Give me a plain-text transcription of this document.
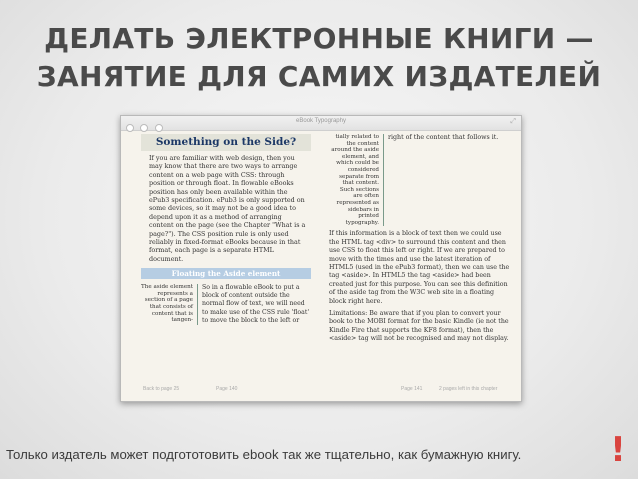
ДЕЛАТЬ ЭЛЕКТРОННЫЕ КНИГИ —
ЗАНЯТИЕ ДЛЯ САМИХ ИЗДАТЕЛЕЙ

eBook Typography	⤢
Something on the Side?
If you are familiar with web design, then you may know that there are two ways to arrange content on a web page with CSS: through position or through float. In flowable eBooks position has only been available within the ePub3 specification. ePub3 is only supported on some devices, so it may not be a good idea to depend upon it as a method of arranging content on the page (see the Chapter "What is a page?"). The CSS position rule is only used reliably in fixed-format eBooks because in that format, each page is a separate HTML document.
Floating the Aside element
The aside element represents a section of a page that consists of content that is tangen-
So in a flowable eBook to put a block of content outside the normal flow of text, we will need to make use of the CSS rule 'float' to move the block to the left or
tially related to the content around the aside element, and which could be considered separate from that content. Such sections are often represented as sidebars in printed typography.
right of the content that follows it.
If this information is a block of text then we could use the HTML tag <div> to surround this content and then use CSS to float this left or right. If we are prepared to move with the times and use the latest iteration of HTML5 (used in the ePub3 format), then we can use the tag <aside>. In HTML5 the tag <aside> had been created just for this purpose. You can see this definition of the aside tag from the W3C web site in a floating block right here.
Limitations: Be aware that if you plan to convert your book to the MOBI format for the basic Kindle (ie not the Kindle Fire that supports the KF8 format), then the <aside> tag will not be recognised and may not display.
Back to page 25	Page 140	Page 141	2 pages left in this chapter
Только издатель может подгототовить ebook так же тщательно, как бумажную книгу.	!
